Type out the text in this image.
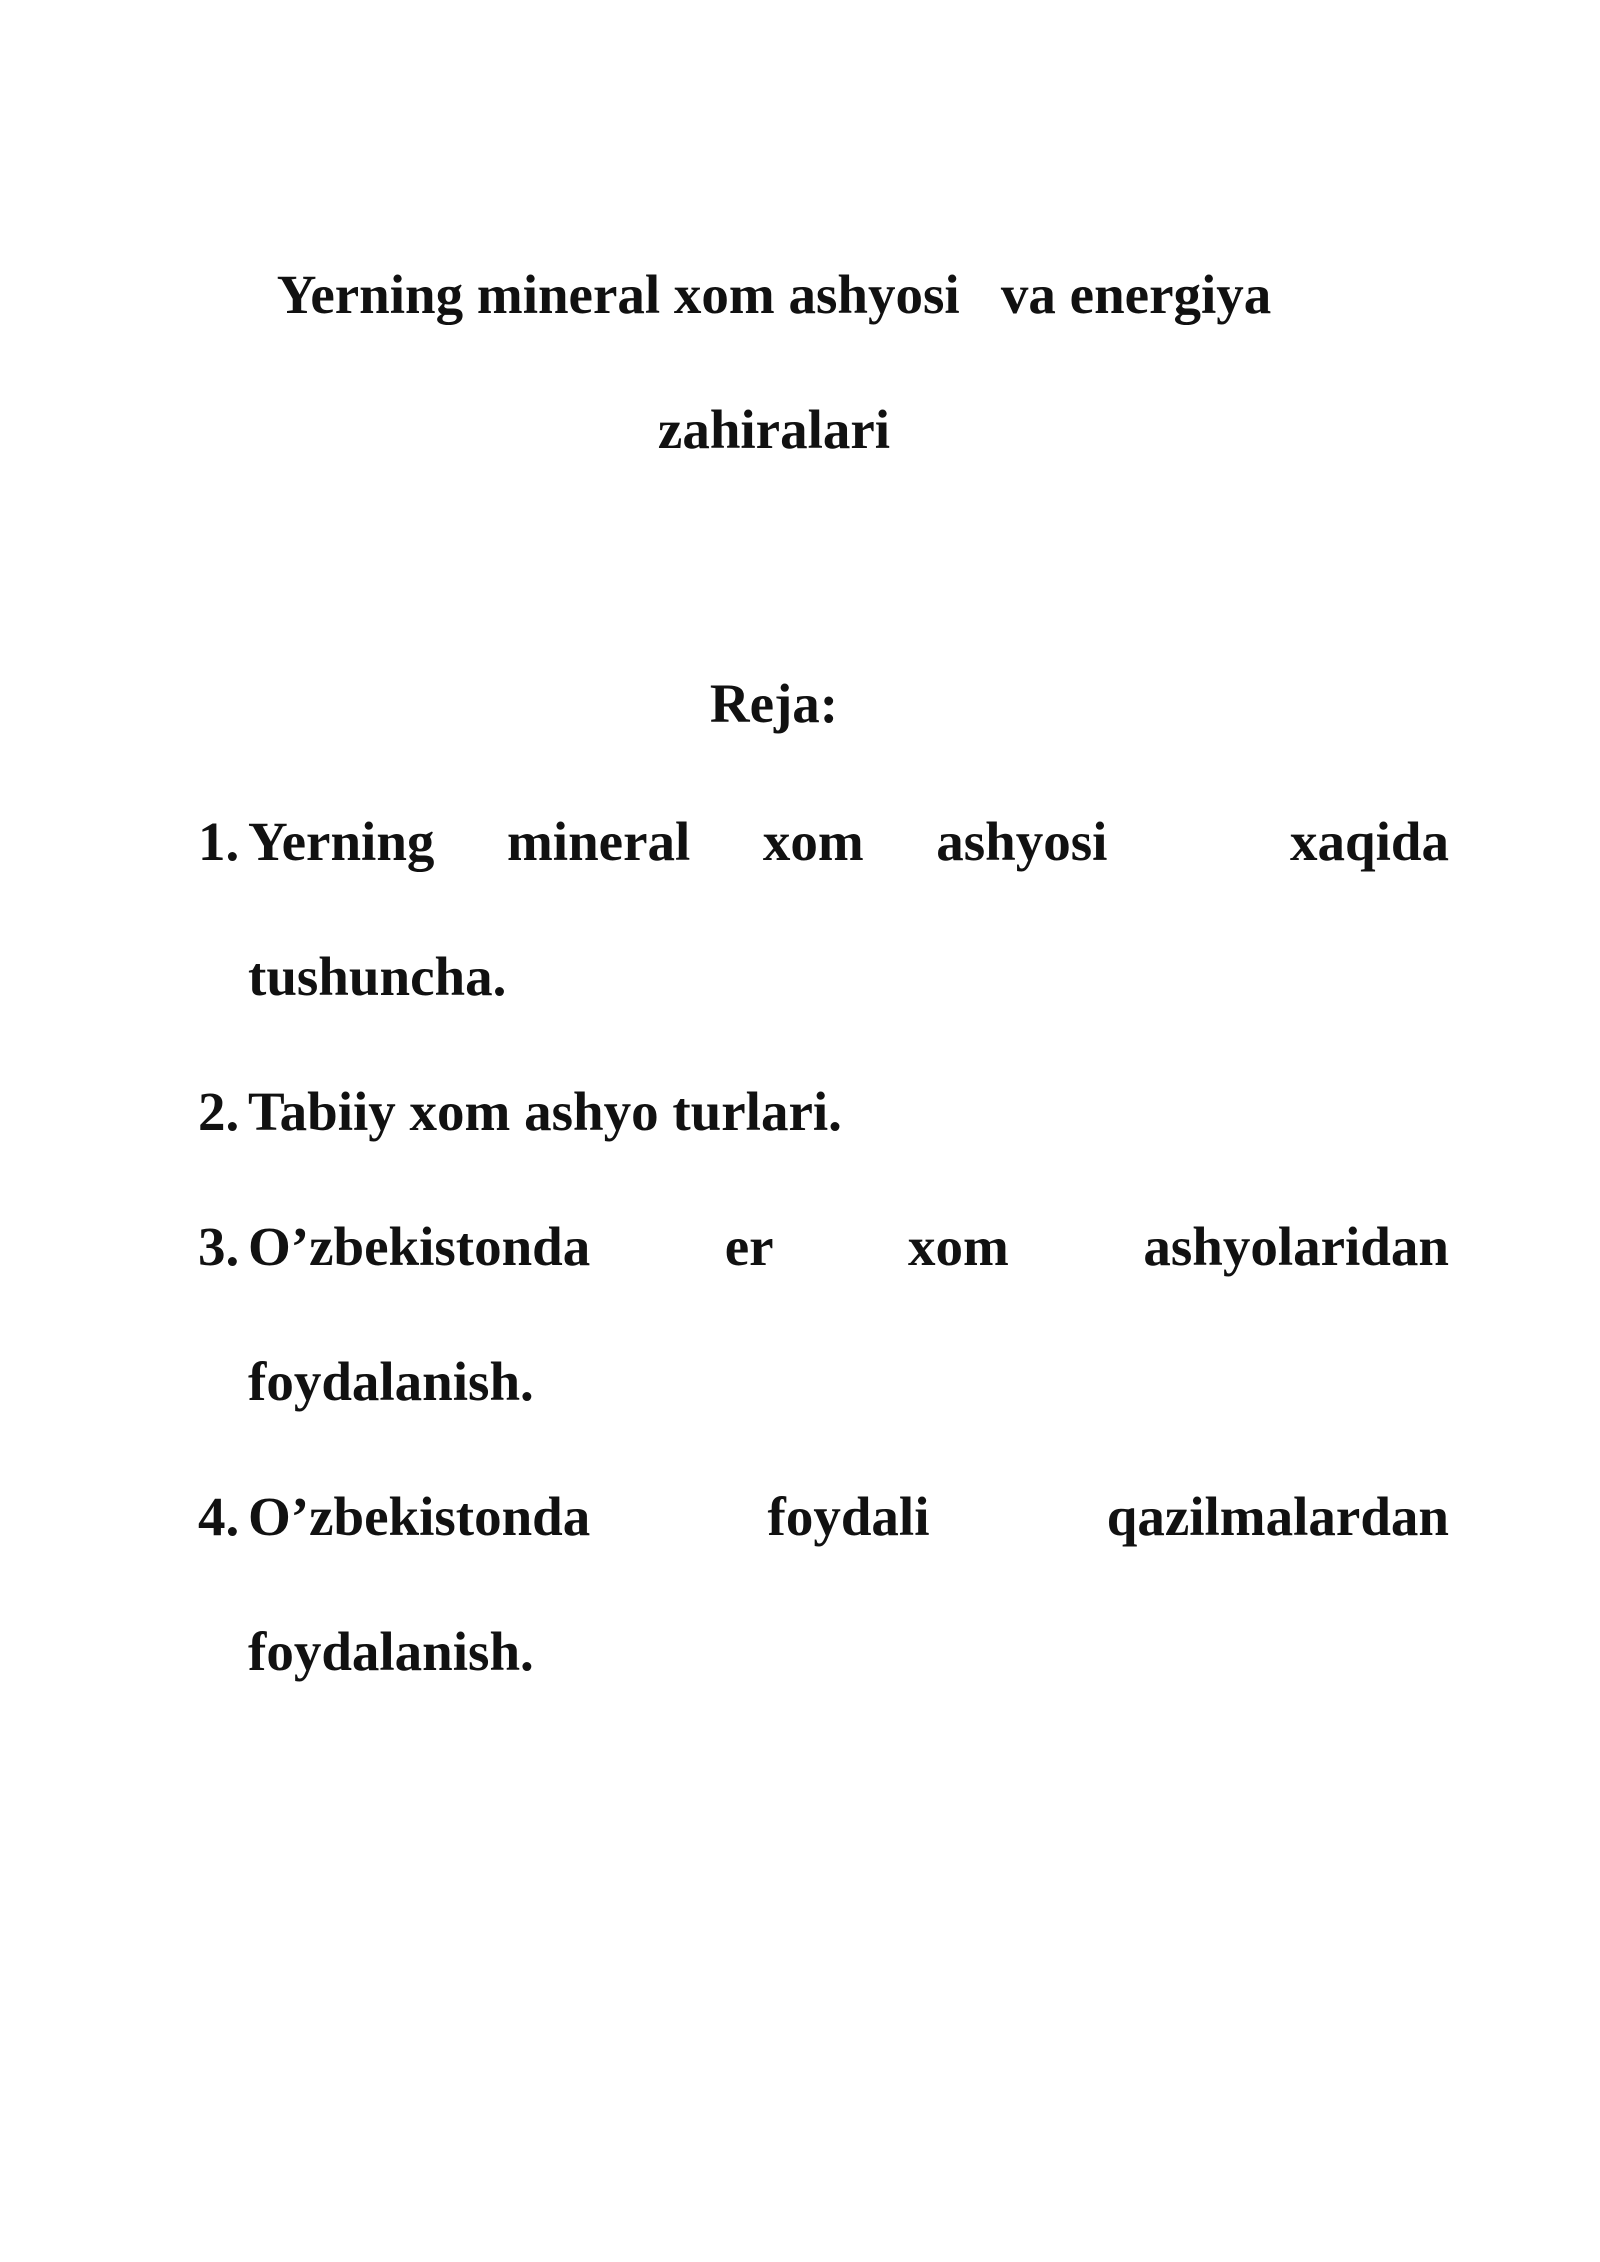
Yerning mineral xom ashyosi   va energiya
zahiralari
Reja:
1. Yerning mineral xom ashyosi	xaqida
tushuncha.
2. Tabiiy xom ashyo turlari.
3. O’zbekistonda er xom ashyolaridan
foydalanish.
4. O’zbekistonda	foydali	qazilmalardan
foydalanish.
